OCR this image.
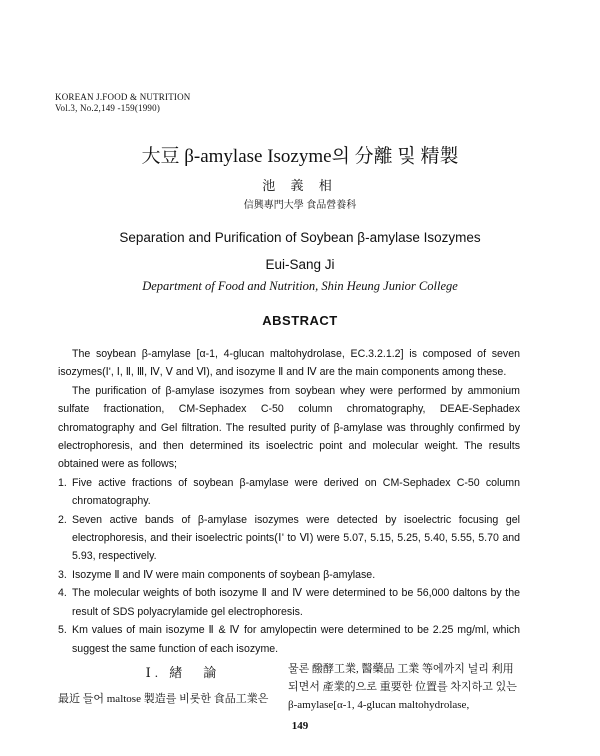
KOREAN J.FOOD & NUTRITION
Vol.3, No.2,149 -159(1990)
大豆 β-amylase Isozyme의 分離 및 精製
池 義 相
信興專門大學 食品營養科
Separation and Purification of Soybean β-amylase Isozymes
Eui-Sang Ji
Department of Food and Nutrition, Shin Heung Junior College
ABSTRACT

The soybean β-amylase [α-1, 4-glucan maltohydrolase, EC.3.2.1.2] is composed of seven isozymes(Ⅰ', Ⅰ, Ⅱ, Ⅲ, Ⅳ, Ⅴ and Ⅵ), and isozyme Ⅱ and Ⅳ are the main components among these.

The purification of β-amylase isozymes from soybean whey were performed by ammonium sulfate fractionation, CM-Sephadex C-50 column chromatography, DEAE-Sephadex chromatography and Gel filtration. The resulted purity of β-amylase was throughly confirmed by electrophoresis, and then determined its isoelectric point and molecular weight. The results obtained were as follows;

1. Five active fractions of soybean β-amylase were derived on CM-Sephadex C-50 column chromatography.
2. Seven active bands of β-amylase isozymes were detected by isoelectric focusing gel electrophoresis, and their isoelectric points(Ⅰ' to Ⅵ) were 5.07, 5.15, 5.25, 5.40, 5.55, 5.70 and 5.93, respectively.
3. Isozyme Ⅱ and Ⅳ were main components of soybean β-amylase.
4. The molecular weights of both isozyme Ⅱ and Ⅳ were determined to be 56,000 daltons by the result of SDS polyacrylamide gel electrophoresis.
5. Km values of main isozyme Ⅱ & Ⅳ for amylopectin were determined to be 2.25 mg/ml, which suggest the same function of each isozyme.
Ⅰ. 緖　論
最近 들어 maltose 製造를 비롯한 食品工業은
물론 醱酵工業, 醫藥品 工業 等에까지 널리 利用
되면서 產業的으로 重要한 位置를 차지하고 있는
β-amylase[α-1, 4-glucan maltohydrolase,
149
